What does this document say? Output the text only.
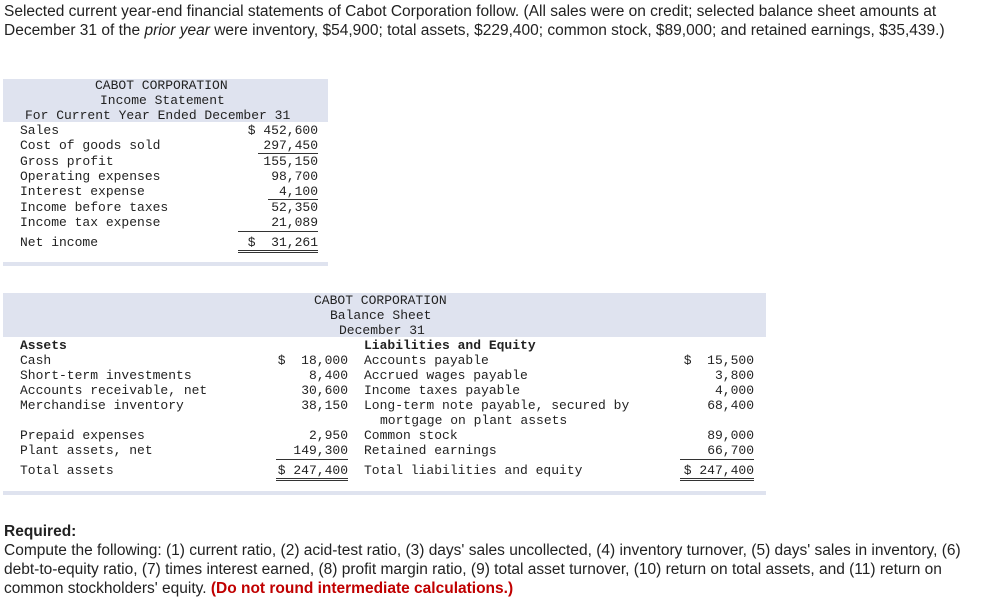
Selected current year-end financial statements of Cabot Corporation follow. (All sales were on credit; selected balance sheet amounts at December 31 of the prior year were inventory, $54,900; total assets, $229,400; common stock, $89,000; and retained earnings, $35,439.)
CABOT CORPORATION
Income Statement
For Current Year Ended December 31
Sales	$ 452,600
Cost of goods sold	297,450
Gross profit	155,150
Operating expenses	98,700
Interest expense	4,100
Income before taxes	52,350
Income tax expense	21,089
Net income	$  31,261
CABOT CORPORATION
Balance Sheet
December 31
Assets	Liabilities and Equity
Cash	$  18,000
Short-term investments	8,400
Accounts receivable, net	30,600
Merchandise inventory	38,150
Prepaid expenses	2,950
Plant assets, net	149,300
Total assets	$ 247,400
Accounts payable	$  15,500
Accrued wages payable	3,800
Income taxes payable	4,000
Long-term note payable, secured by
mortgage on plant assets
68,400
Common stock	89,000
Retained earnings	66,700
Total liabilities and equity	$ 247,400
Required:
Compute the following: (1) current ratio, (2) acid-test ratio, (3) days' sales uncollected, (4) inventory turnover, (5) days' sales in inventory, (6) debt-to-equity ratio, (7) times interest earned, (8) profit margin ratio, (9) total asset turnover, (10) return on total assets, and (11) return on common stockholders' equity. (Do not round intermediate calculations.)
